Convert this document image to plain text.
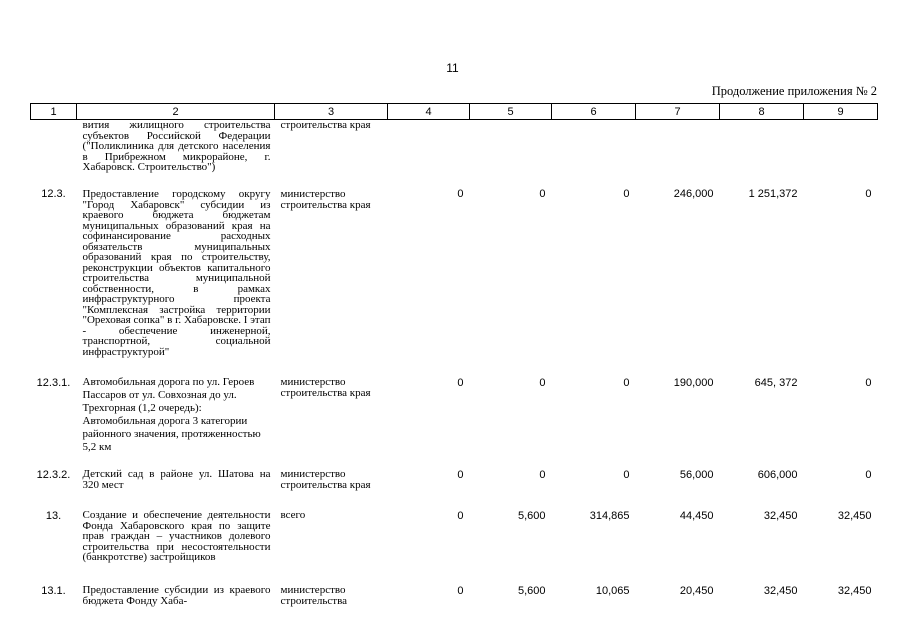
11
Продолжение приложения № 2
1	2	3	4	5	6	7	8	9
	вития жилищного строительства субъектов Российской Федерации ("Поликлиника для детского населения в Прибрежном микрорайоне, г. Хабаровск. Строительство")	строительства края						
12.3.	Предоставление городскому округу "Город Хабаровск" субсидии из краевого бюджета бюджетам муниципальных образований края на софинансирование расходных обязательств муниципальных образований края по строительству, реконструкции объектов капитального строительства муниципальной собственности, в рамках инфраструктурного проекта "Комплексная застройка территории "Ореховая сопка" в г. Хабаровске. I этап - обеспечение инженерной, транспортной, социальной инфраструктурой"	министерство строительства края	0	0	0	246,000	1 251,372	0
12.3.1.	Автомобильная дорога по ул. Героев Пассаров от ул. Совхозная до ул. Трехгорная (1,2 очередь): Автомобильная дорога 3 категории районного значения, протяженностью 5,2 км	министерство строительства края	0	0	0	190,000	645, 372	0
12.3.2.	Детский сад в районе ул. Шатова на 320 мест	министерство строительства края	0	0	0	56,000	606,000	0
13.	Создание и обеспечение деятельности Фонда Хабаровского края по защите прав граждан – участников долевого строительства при несостоятельности (банкротстве) застройщиков	всего	0	5,600	314,865	44,450	32,450	32,450
13.1.	Предоставление субсидии из краевого бюджета Фонду Хаба-	министерство строительства	0	5,600	10,065	20,450	32,450	32,450
